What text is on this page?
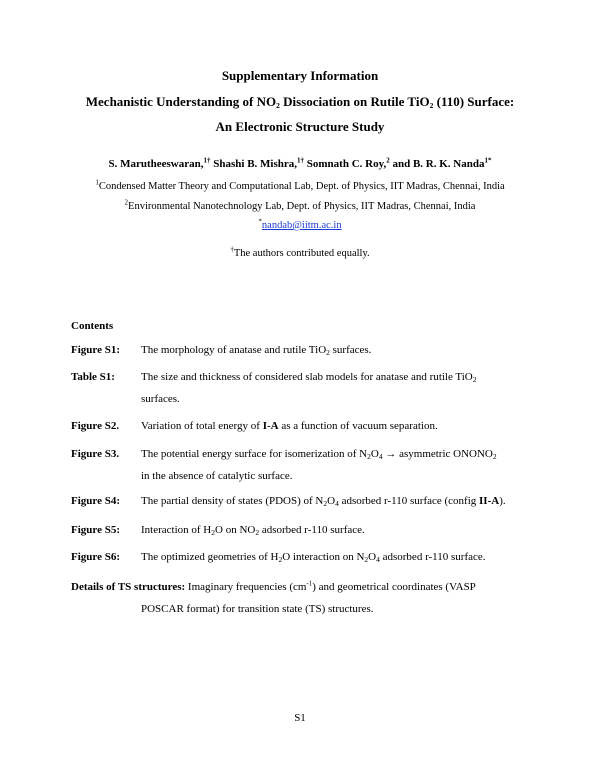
Supplementary Information
Mechanistic Understanding of $NO_2$ Dissociation on Rutile TiO$_2$ (110) Surface:
An Electronic Structure Study
S. Marutheeswaran,$^{1\dagger}$ Shashi B. Mishra,$^{1\dagger}$ Somnath C. Roy,$^2$ and B. R. K. Nanda$^{1*}$
$^1$Condensed Matter Theory and Computational Lab, Dept. of Physics, IIT Madras, Chennai, India
$^2$Environmental Nanotechnology Lab, Dept. of Physics, IIT Madras, Chennai, India
*nandab@iitm.ac.in
†The authors contributed equally.
Contents
Figure S1:	The morphology of anatase and rutile TiO$_2$ surfaces.
Table S1:	The size and thickness of considered slab models for anatase and rutile TiO$_2$
surfaces.
Figure S2.	Variation of total energy of I-A as a function of vacuum separation.
Figure S3.	The potential energy surface for isomerization of $N_2O_4$ → asymmetric $ONONO_2$
in the absence of catalytic surface.
Figure S4:	The partial density of states (PDOS) of $N_2O_4$ adsorbed r-110 surface (config II-A).
Figure S5:	Interaction of $H_2O$ on $NO_2$ adsorbed r-110 surface.
Figure S6:	The optimized geometries of $H_2O$ interaction on $N_2O_4$ adsorbed r-110 surface.
Details of TS structures: Imaginary frequencies $(cm^{-1})$ and geometrical coordinates (VASP
POSCAR format) for transition state (TS) structures.
S1
